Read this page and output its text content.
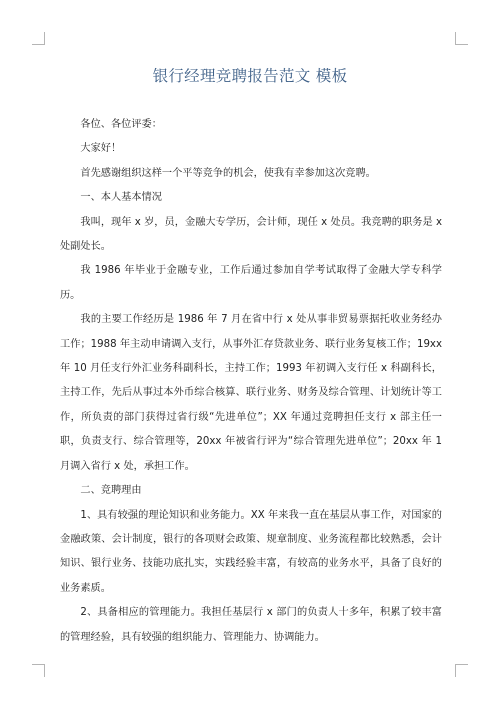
银行经理竞聘报告范文 模板

各位、各位评委：

大家好！

首先感谢组织这样一个平等竞争的机会，使我有幸参加这次竞聘。

一、本人基本情况

我叫，现年 x 岁，员，金融大专学历，会计师，现任 x 处员。我竞聘的职务是 x 处副处长。

我 1986 年毕业于金融专业，工作后通过参加自学考试取得了金融大学专科学历。

我的主要工作经历是 1986 年 7 月在省中行 x 处从事非贸易票据托收业务经办工作；1988 年主动申请调入支行，从事外汇存贷款业务、联行业务复核工作；19xx 年 10 月任支行外汇业务科副科长，主持工作；1993 年初调入支行任 x 科副科长，主持工作，先后从事过本外币综合核算、联行业务、财务及综合管理、计划统计等工作，所负责的部门获得过省行级“先进单位”；XX 年通过竞聘担任支行 x 部主任一职，负责支行、综合管理等，20xx 年被省行评为“综合管理先进单位”；20xx 年 1 月调入省行 x 处，承担工作。

二、竞聘理由

1、具有较强的理论知识和业务能力。XX 年来我一直在基层从事工作，对国家的金融政策、会计制度，银行的各项财会政策、规章制度、业务流程都比较熟悉，会计知识、银行业务、技能功底扎实，实践经验丰富，有较高的业务水平，具备了良好的业务素质。

2、具备相应的管理能力。我担任基层行 x 部门的负责人十多年，积累了较丰富的管理经验，具有较强的组织能力、管理能力、协调能力。
